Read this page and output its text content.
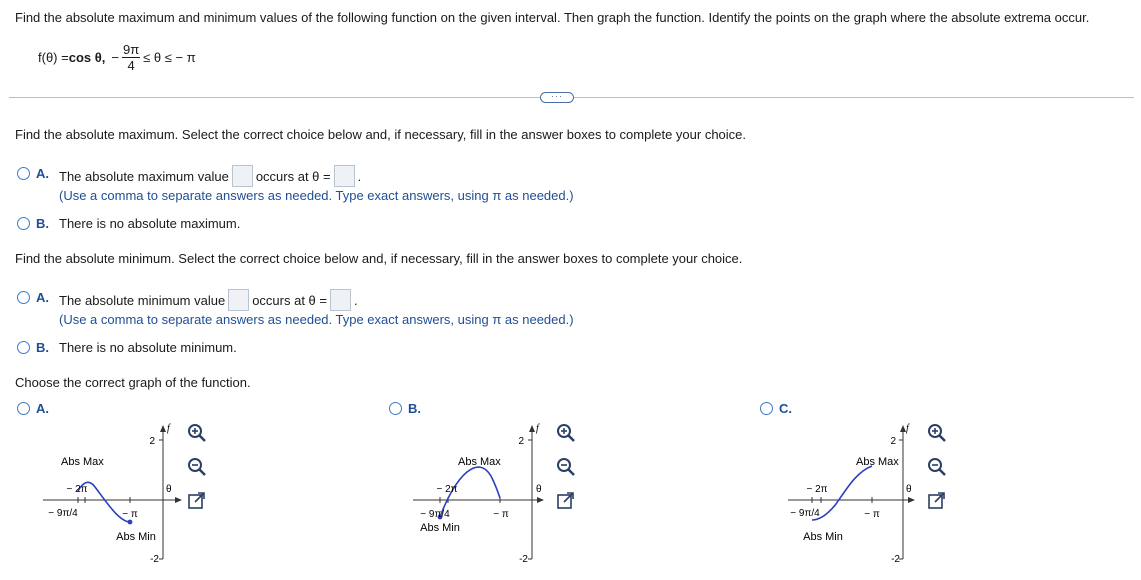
Find the absolute maximum and minimum values of the following function on the given interval. Then graph the function. Identify the points on the graph where the absolute extrema occur.
f(θ) = cos θ, − $\frac{9\pi}{4} \le \theta$ ≤ − π
···
Find the absolute maximum. Select the correct choice below and, if necessary, fill in the answer boxes to complete your choice.
A. The absolute maximum value occurs at θ = .
(Use a comma to separate answers as needed. Type exact answers, using π as needed.)
B. There is no absolute maximum.
Find the absolute minimum. Select the correct choice below and, if necessary, fill in the answer boxes to complete your choice.
A. The absolute minimum value occurs at θ = .
(Use a comma to separate answers as needed. Type exact answers, using π as needed.)
B. There is no absolute minimum.
Choose the correct graph of the function.
A.	B.	C.
f
2
-2
θ
Abs Max
− 2π
− 9π/4	− π
Abs Min
f
2
-2
θ
Abs Max
− 2π
− 9π/4	− π
Abs Min
f
2
-2
θ
Abs Max
− 2π
− 9π/4	− π
Abs Min
